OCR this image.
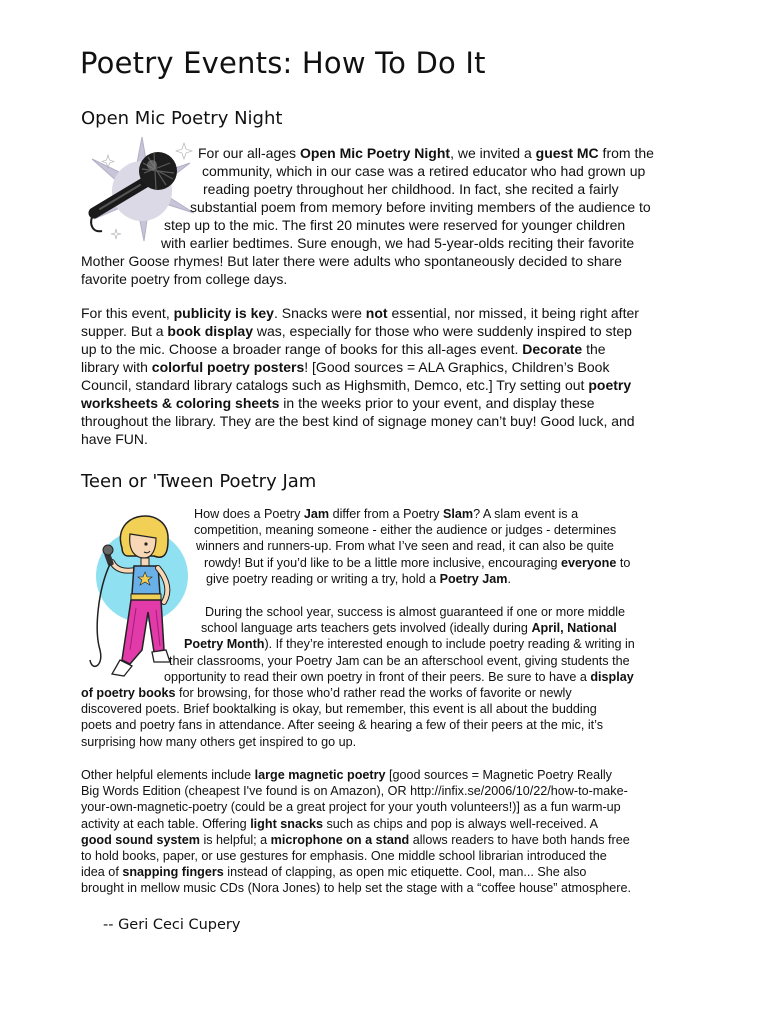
Poetry Events: How To Do It
Open Mic Poetry Night
For our all-ages Open Mic Poetry Night, we invited a guest MC from the
community, which in our case was a retired educator who had grown up
reading poetry throughout her childhood. In fact, she recited a fairly
substantial poem from memory before inviting members of the audience to
step up to the mic. The first 20 minutes were reserved for younger children
with earlier bedtimes. Sure enough, we had 5-year-olds reciting their favorite
Mother Goose rhymes! But later there were adults who spontaneously decided to share
favorite poetry from college days.
For this event, publicity is key. Snacks were not essential, nor missed, it being right after
supper. But a book display was, especially for those who were suddenly inspired to step
up to the mic. Choose a broader range of books for this all-ages event. Decorate the
library with colorful poetry posters! [Good sources = ALA Graphics, Children’s Book
Council, standard library catalogs such as Highsmith, Demco, etc.] Try setting out poetry
worksheets & coloring sheets in the weeks prior to your event, and display these
throughout the library. They are the best kind of signage money can’t buy! Good luck, and
have FUN.
Teen or 'Tween Poetry Jam
How does a Poetry Jam differ from a Poetry Slam? A slam event is a
competition, meaning someone - either the audience or judges - determines
winners and runners-up. From what I’ve seen and read, it can also be quite
rowdy! But if you’d like to be a little more inclusive, encouraging everyone to
give poetry reading or writing a try, hold a Poetry Jam.
During the school year, success is almost guaranteed if one or more middle
school language arts teachers gets involved (ideally during April, National
Poetry Month). If they’re interested enough to include poetry reading & writing in
their classrooms, your Poetry Jam can be an afterschool event, giving students the
opportunity to read their own poetry in front of their peers. Be sure to have a display
of poetry books for browsing, for those who’d rather read the works of favorite or newly
discovered poets. Brief booktalking is okay, but remember, this event is all about the budding
poets and poetry fans in attendance. After seeing & hearing a few of their peers at the mic, it’s
surprising how many others get inspired to go up.
Other helpful elements include large magnetic poetry [good sources = Magnetic Poetry Really
Big Words Edition (cheapest I've found is on Amazon), OR http://infix.se/2006/10/22/how-to-make-
your-own-magnetic-poetry (could be a great project for your youth volunteers!)] as a fun warm-up
activity at each table. Offering light snacks such as chips and pop is always well-received. A
good sound system is helpful; a microphone on a stand allows readers to have both hands free
to hold books, paper, or use gestures for emphasis. One middle school librarian introduced the
idea of snapping fingers instead of clapping, as open mic etiquette. Cool, man... She also
brought in mellow music CDs (Nora Jones) to help set the stage with a “coffee house” atmosphere.

-- Geri Ceci Cupery
